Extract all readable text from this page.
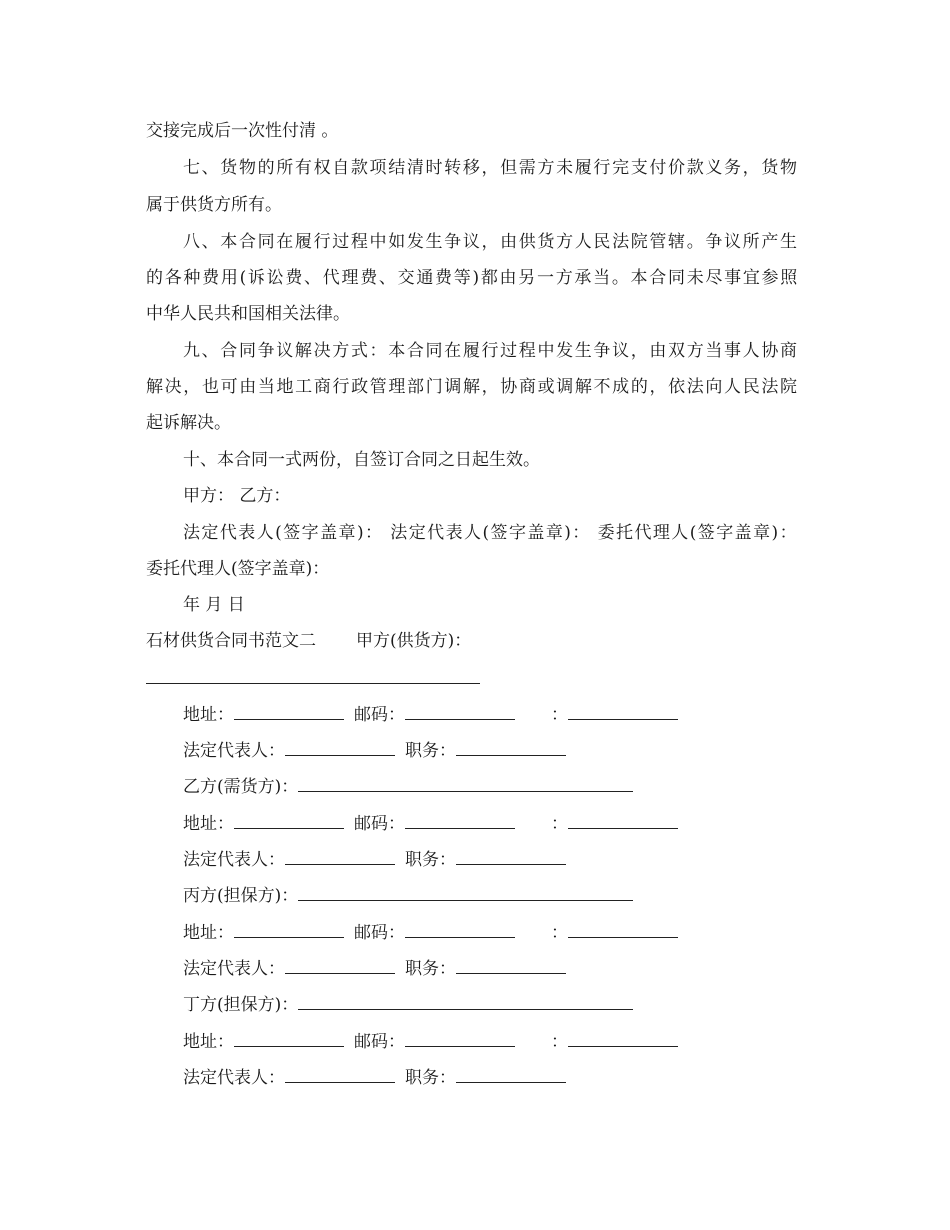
交接完成后一次性付清 。
七、货物的所有权自款项结清时转移，但需方未履行完支付价款义务，货物
属于供货方所有。
八、本合同在履行过程中如发生争议，由供货方人民法院管辖。争议所产生
的各种费用(诉讼费、代理费、交通费等)都由另一方承当。本合同未尽事宜参照
中华人民共和国相关法律。
九、合同争议解决方式：本合同在履行过程中发生争议，由双方当事人协商
解决，也可由当地工商行政管理部门调解，协商或调解不成的，依法向人民法院
起诉解决。
十、本合同一式两份，自签订合同之日起生效。
甲方： 乙方：
法定代表人(签字盖章)： 法定代表人(签字盖章)： 委托代理人(签字盖章)：
委托代理人(签字盖章)：
年 月 日
石材供货合同书范文二 甲方(供货方)：
地址：	邮码：	：
法定代表人：	职务：
乙方(需货方)：
地址：	邮码：	：
法定代表人：	职务：
丙方(担保方)：
地址：	邮码：	：
法定代表人：	职务：
丁方(担保方)：
地址：	邮码：	：
法定代表人：	职务：
